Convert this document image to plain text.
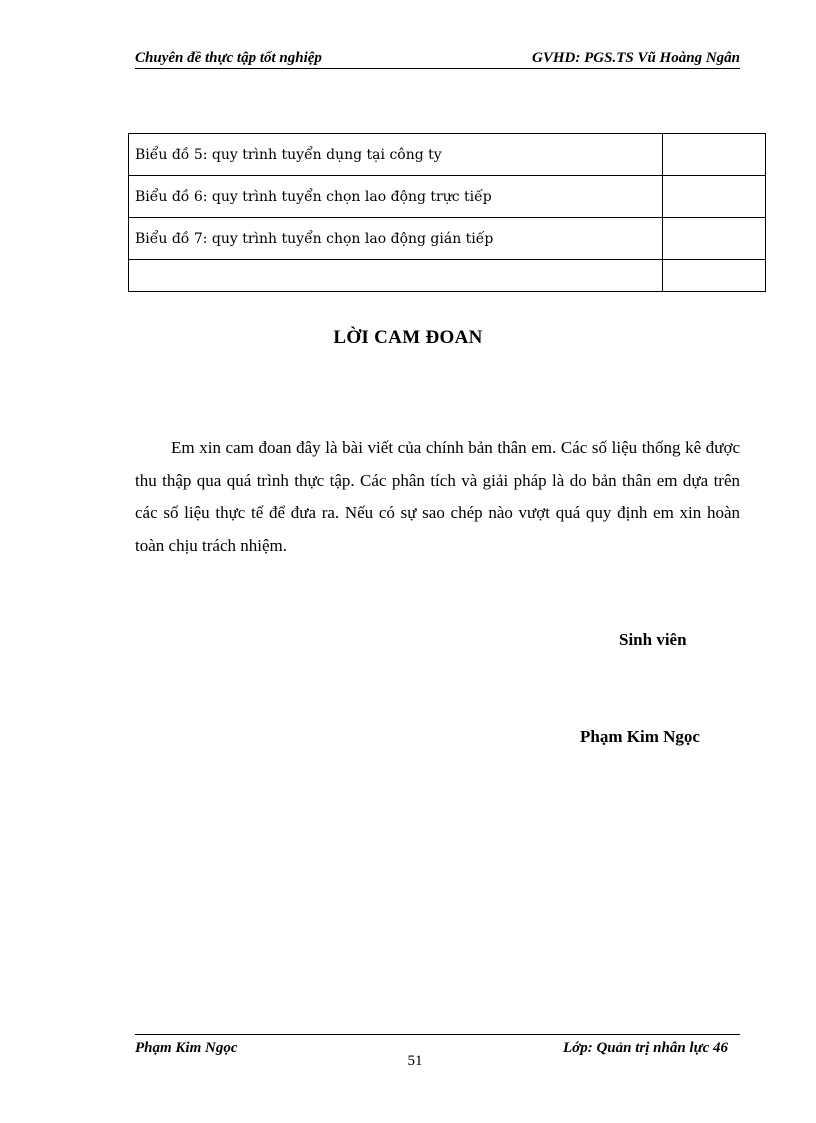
Chuyên đề thực tập tốt nghiệp	GVHD: PGS.TS Vũ Hoàng Ngân
Biểu đồ 5: quy trình tuyển dụng tại công ty	
Biểu đồ 6: quy trình tuyển chọn lao động trực tiếp	
Biểu đồ 7: quy trình tuyển chọn lao động gián tiếp	

LỜI CAM ĐOAN

Em xin cam đoan đây là bài viết của chính bản thân em. Các số liệu thống kê được thu thập qua quá trình thực tập. Các phân tích và giải pháp là do bản thân em dựa trên các số liệu thực tế để đưa ra. Nếu có sự sao chép nào vượt quá quy định em xin hoàn toàn chịu trách nhiệm.

Sinh viên
Phạm Kim Ngọc
Phạm Kim Ngọc	Lớp: Quản trị nhân lực 46
51
